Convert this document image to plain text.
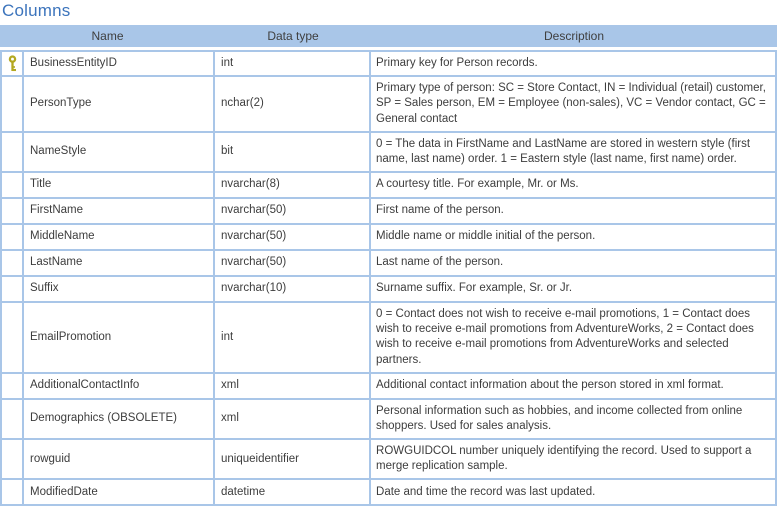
Columns
Name		Data type	Description
	BusinessEntityID	int	Primary key for Person records.
	PersonType	nchar(2)	Primary type of person: SC = Store Contact, IN = Individual (retail) customer, SP = Sales person, EM = Employee (non-sales), VC = Vendor contact, GC = General contact
	NameStyle	bit	0 = The data in FirstName and LastName are stored in western style (first name, last name) order. 1 = Eastern style (last name, first name) order.
	Title	nvarchar(8)	A courtesy title. For example, Mr. or Ms.
	FirstName	nvarchar(50)	First name of the person.
	MiddleName	nvarchar(50)	Middle name or middle initial of the person.
	LastName	nvarchar(50)	Last name of the person.
	Suffix	nvarchar(10)	Surname suffix. For example, Sr. or Jr.
	EmailPromotion	int	0 = Contact does not wish to receive e-mail promotions, 1 = Contact does wish to receive e-mail promotions from AdventureWorks, 2 = Contact does wish to receive e-mail promotions from AdventureWorks and selected partners.
	AdditionalContactInfo	xml	Additional contact information about the person stored in xml format.
	Demographics (OBSOLETE)	xml	Personal information such as hobbies, and income collected from online shoppers. Used for sales analysis.
	rowguid	uniqueidentifier	ROWGUIDCOL number uniquely identifying the record. Used to support a merge replication sample.
	ModifiedDate	datetime	Date and time the record was last updated.
